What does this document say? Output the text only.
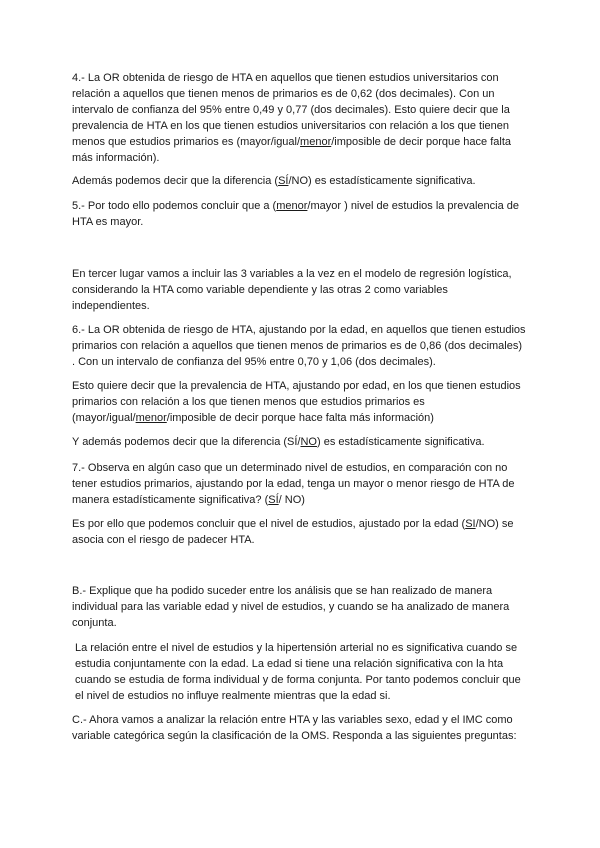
4.- La OR obtenida de riesgo de HTA en aquellos que tienen estudios universitarios con relación a aquellos que tienen menos de primarios es de 0,62 (dos decimales). Con un intervalo de confianza del 95% entre 0,49 y 0,77 (dos decimales). Esto quiere decir que la prevalencia de HTA en los que tienen estudios universitarios con relación a los que tienen menos que estudios primarios es (mayor/igual/menor/imposible de decir porque hace falta más información).

Además podemos decir que la diferencia (SÍ/NO) es estadísticamente significativa.

5.- Por todo ello podemos concluir que a (menor/mayor ) nivel de estudios la prevalencia de HTA es mayor.

En tercer lugar vamos a incluir las 3 variables a la vez en el modelo de regresión logística, considerando la HTA como variable dependiente y las otras 2 como variables independientes.

6.- La OR obtenida de riesgo de HTA, ajustando por la edad, en aquellos que tienen estudios primarios con relación a aquellos que tienen menos de primarios es de 0,86 (dos decimales) . Con un intervalo de confianza del 95% entre 0,70 y 1,06 (dos decimales).

Esto quiere decir que la prevalencia de HTA, ajustando por edad, en los que tienen estudios primarios con relación a los que tienen menos que estudios primarios es (mayor/igual/menor/imposible de decir porque hace falta más información)

Y además podemos decir que la diferencia (SÍ/NO) es estadísticamente significativa.

7.- Observa en algún caso que un determinado nivel de estudios, en comparación con no tener estudios primarios, ajustando por la edad, tenga un mayor o menor riesgo de HTA de manera estadísticamente significativa? (SÍ/ NO)

Es por ello que podemos concluir que el nivel de estudios, ajustado por la edad (SI/NO) se asocia con el riesgo de padecer HTA.

B.- Explique que ha podido suceder entre los análisis que se han realizado de manera individual para las variable edad y nivel de estudios, y cuando se ha analizado de manera conjunta.

La relación entre el nivel de estudios y la hipertensión arterial no es significativa cuando se estudia conjuntamente con la edad. La edad si tiene una relación significativa con la hta cuando se estudia de forma individual y de forma conjunta. Por tanto podemos concluir que el nivel de estudios no influye realmente mientras que la edad si.

C.- Ahora vamos a analizar la relación entre HTA y las variables sexo, edad y el IMC como variable categórica según la clasificación de la OMS. Responda a las siguientes preguntas:
